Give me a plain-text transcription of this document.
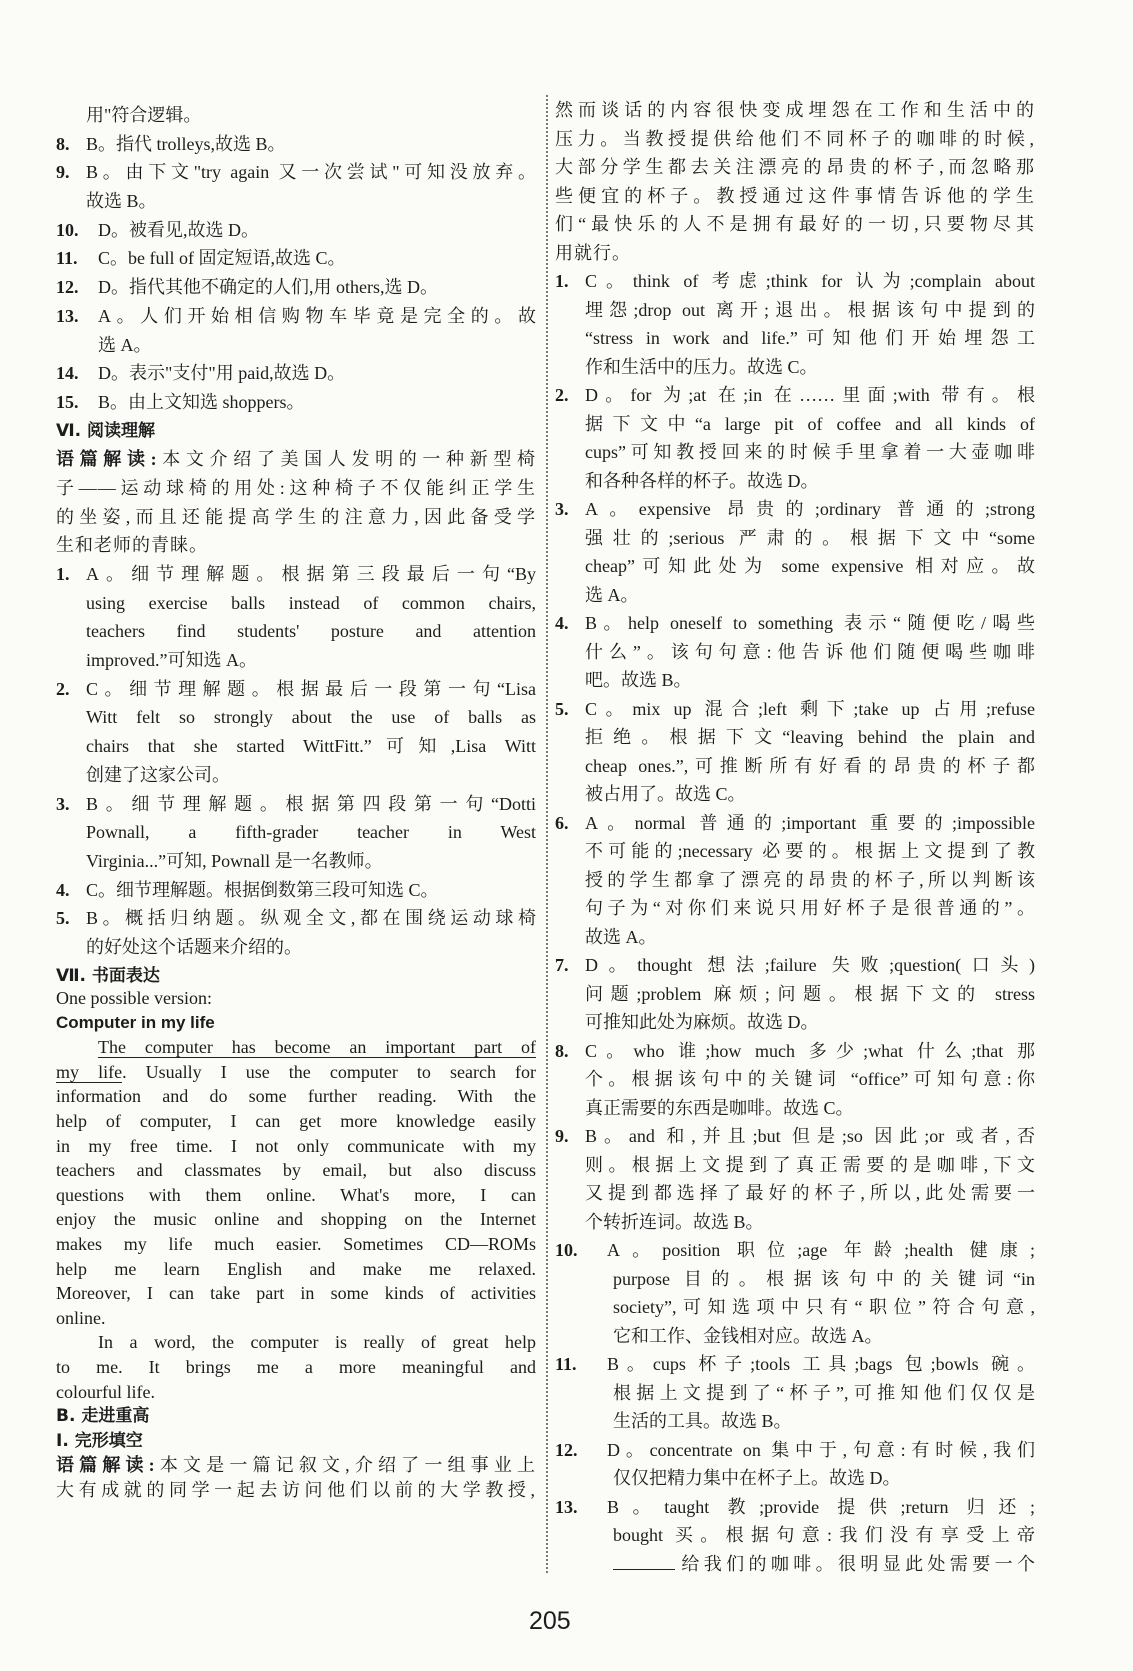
用"符合逻辑。
8. B。指代 trolleys,故选 B。
9. B。由下文"try again 又一次尝试"可知没放弃。
故选 B。
10.	D。被看见,故选 D。
11.	C。be full of 固定短语,故选 C。
12.	D。指代其他不确定的人们,用 others,选 D。
13.	A。人们开始相信购物车毕竟是完全的。故
选 A。
14.	D。表示"支付"用 paid,故选 D。
15.	B。由上文知选 shoppers。
Ⅵ. 阅读理解
语篇解读:本文介绍了美国人发明的一种新型椅
子——运动球椅的用处:这种椅子不仅能纠正学生
的坐姿,而且还能提高学生的注意力,因此备受学
生和老师的青睐。
1. A。细节理解题。根据第三段最后一句“By
using exercise balls instead of common chairs,
teachers find students' posture and attention
improved.”可知选 A。
2. C。细节理解题。根据最后一段第一句“Lisa
Witt felt so strongly about the use of balls as
chairs that she started WittFitt.”可知,Lisa Witt
创建了这家公司。
3. B。细节理解题。根据第四段第一句“Dotti
Pownall, a fifth-grader teacher in West
Virginia...”可知, Pownall 是一名教师。
4. C。细节理解题。根据倒数第三段可知选 C。
5. B。概括归纳题。纵观全文,都在围绕运动球椅
的好处这个话题来介绍的。
Ⅶ. 书面表达
One possible version:
Computer in my life
The computer has become an important part of
my life. Usually I use the computer to search for
information and do some further reading. With the
help of computer, I can get more knowledge easily
in my free time. I not only communicate with my
teachers and classmates by email, but also discuss
questions with them online. What's more, I can
enjoy the music online and shopping on the Internet
makes my life much easier. Sometimes CD—ROMs
help me learn English and make me relaxed.
Moreover, I can take part in some kinds of activities
online.
In a word, the computer is really of great help
to me. It brings me a more meaningful and
colourful life.
B. 走进重高
Ⅰ. 完形填空
语篇解读:本文是一篇记叙文,介绍了一组事业上
大有成就的同学一起去访问他们以前的大学教授,
然而谈话的内容很快变成埋怨在工作和生活中的
压力。当教授提供给他们不同杯子的咖啡的时候,
大部分学生都去关注漂亮的昂贵的杯子,而忽略那
些便宜的杯子。教授通过这件事情告诉他的学生
们“最快乐的人不是拥有最好的一切,只要物尽其
用就行。
1. C。think of 考虑;think for 认为;complain about
埋怨;drop out 离开;退出。根据该句中提到的
“stress in work and life.”可知他们开始埋怨工
作和生活中的压力。故选 C。
2. D。for 为;at 在;in 在……里面;with 带有。根
据下文中“a large pit of coffee and all kinds of
cups”可知教授回来的时候手里拿着一大壶咖啡
和各种各样的杯子。故选 D。
3. A。expensive 昂贵的;ordinary 普通的;strong
强壮的;serious 严肃的。根据下文中“some
cheap”可知此处为 some expensive 相对应。故
选 A。
4. B。help oneself to something 表示“随便吃/喝些
什么”。该句句意:他告诉他们随便喝些咖啡
吧。故选 B。
5. C。mix up 混合;left 剩下;take up 占用;refuse
拒绝。根据下文“leaving behind the plain and
cheap ones.”,可推断所有好看的昂贵的杯子都
被占用了。故选 C。
6. A。normal 普通的;important 重要的;impossible
不可能的;necessary 必要的。根据上文提到了教
授的学生都拿了漂亮的昂贵的杯子,所以判断该
句子为“对你们来说只用好杯子是很普通的”。
故选 A。
7. D。thought 想法;failure 失败;question(口头)
问题;problem 麻烦;问题。根据下文的 stress
可推知此处为麻烦。故选 D。
8. C。who 谁;how much 多少;what 什么;that 那
个。根据该句中的关键词 “office”可知句意:你
真正需要的东西是咖啡。故选 C。
9. B。and 和,并且;but 但是;so 因此;or 或者,否
则。根据上文提到了真正需要的是咖啡,下文
又提到都选择了最好的杯子,所以,此处需要一
个转折连词。故选 B。
10.	A。position 职位;age 年龄;health 健康;
purpose 目的。根据该句中的关键词“in
society”,可知选项中只有“职位”符合句意,
它和工作、金钱相对应。故选 A。
11.	B。cups 杯子;tools 工具;bags 包;bowls 碗。
根据上文提到了“杯子”,可推知他们仅仅是
生活的工具。故选 B。
12.	D。concentrate on 集中于,句意:有时候,我们
仅仅把精力集中在杯子上。故选 D。
13.	B。taught 教;provide 提供;return 归还;
bought 买。根据句意:我们没有享受上帝
给我们的咖啡。很明显此处需要一个
205
